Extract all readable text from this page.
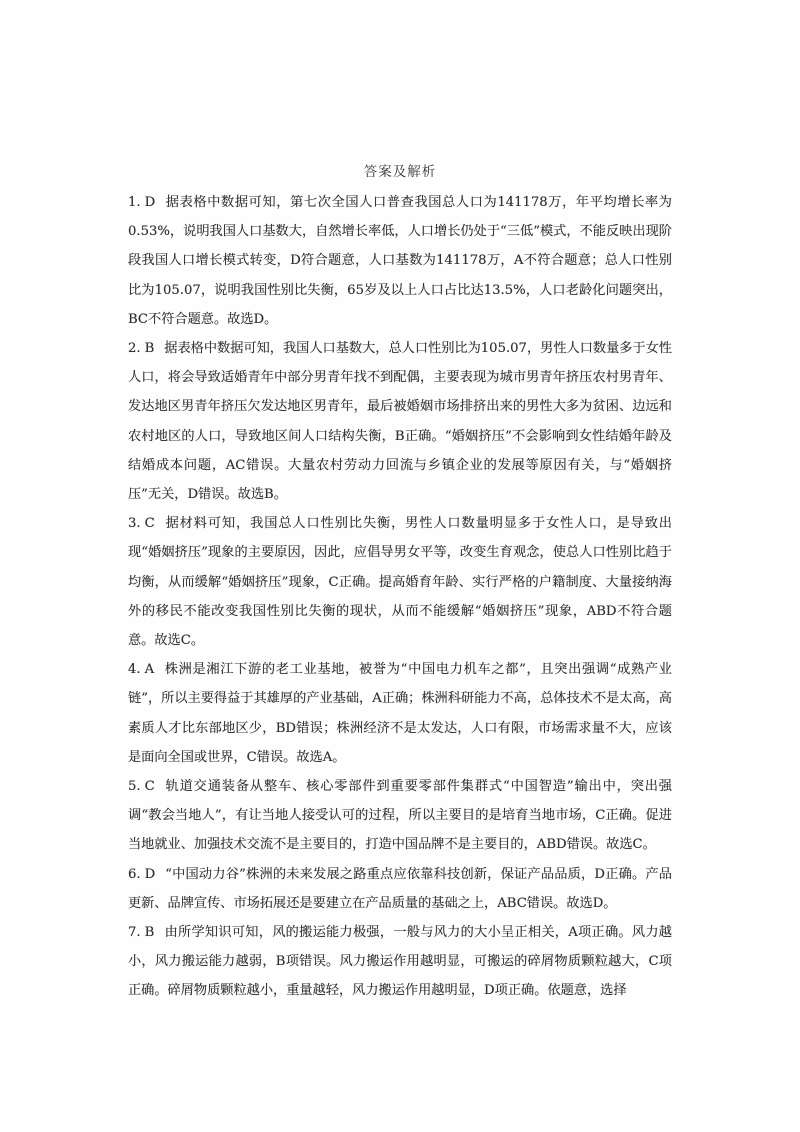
答案及解析

1. D 据表格中数据可知，第七次全国人口普查我国总人口为141178万，年平均增长率为0.53%，说明我国人口基数大，自然增长率低，人口增长仍处于“三低”模式，不能反映出现阶段我国人口增长模式转变，D符合题意，人口基数为141178万，A不符合题意；总人口性别比为105.07，说明我国性别比失衡，65岁及以上人口占比达13.5%，人口老龄化问题突出，BC不符合题意。故选D。

2. B 据表格中数据可知，我国人口基数大，总人口性别比为105.07，男性人口数量多于女性人口，将会导致适婚青年中部分男青年找不到配偶，主要表现为城市男青年挤压农村男青年、发达地区男青年挤压欠发达地区男青年，最后被婚姻市场排挤出来的男性大多为贫困、边远和农村地区的人口，导致地区间人口结构失衡，B正确。“婚姻挤压”不会影响到女性结婚年龄及结婚成本问题，AC错误。大量农村劳动力回流与乡镇企业的发展等原因有关，与“婚姻挤压”无关，D错误。故选B。

3. C 据材料可知，我国总人口性别比失衡，男性人口数量明显多于女性人口，是导致出现“婚姻挤压”现象的主要原因，因此，应倡导男女平等，改变生育观念，使总人口性别比趋于均衡，从而缓解“婚姻挤压”现象，C正确。提高婚育年龄、实行严格的户籍制度、大量接纳海外的移民不能改变我国性别比失衡的现状，从而不能缓解“婚姻挤压”现象，ABD不符合题意。故选C。

4. A 株洲是湘江下游的老工业基地，被誉为“中国电力机车之都”，且突出强调“成熟产业链”，所以主要得益于其雄厚的产业基础，A正确；株洲科研能力不高，总体技术不是太高，高素质人才比东部地区少，BD错误；株洲经济不是太发达，人口有限，市场需求量不大，应该是面向全国或世界，C错误。故选A。

5. C 轨道交通装备从整车、核心零部件到重要零部件集群式“中国智造”输出中，突出强调“教会当地人”，有让当地人接受认可的过程，所以主要目的是培育当地市场，C正确。促进当地就业、加强技术交流不是主要目的，打造中国品牌不是主要目的，ABD错误。故选C。

6. D “中国动力谷”株洲的未来发展之路重点应依靠科技创新，保证产品品质，D正确。产品更新、品牌宣传、市场拓展还是要建立在产品质量的基础之上，ABC错误。故选D。

7. B 由所学知识可知，风的搬运能力极强，一般与风力的大小呈正相关，A项正确。风力越小，风力搬运能力越弱，B项错误。风力搬运作用越明显，可搬运的碎屑物质颗粒越大，C项正确。碎屑物质颗粒越小，重量越轻，风力搬运作用越明显，D项正确。依题意，选择
